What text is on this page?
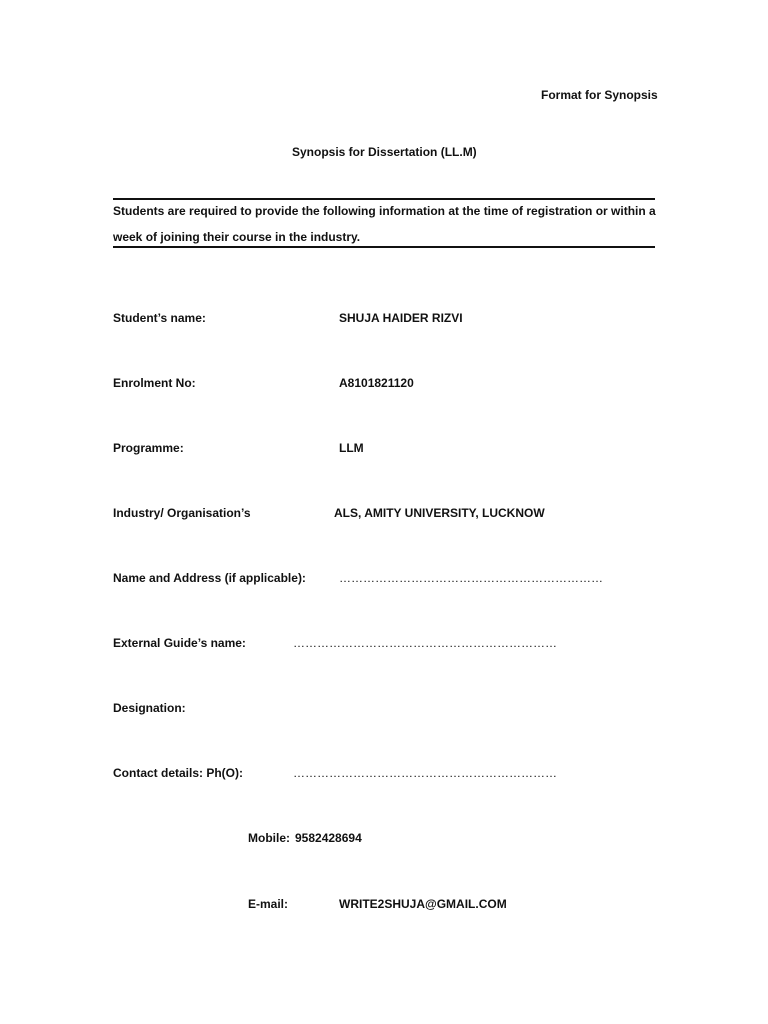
Format for Synopsis
Synopsis for Dissertation (LL.M)
Students are required to provide the following information at the time of registration or within a
week of joining their course in the industry.
Student’s name:	SHUJA HAIDER RIZVI
Enrolment No:	A8101821120
Programme:	LLM
Industry/ Organisation’s	ALS, AMITY UNIVERSITY, LUCKNOW
Name and Address (if applicable):	…………………………………………………………
External Guide’s name:	…………………………………………………………
Designation:
Contact details: Ph(O):	…………………………………………………………
Mobile: 9582428694
E-mail:	WRITE2SHUJA@GMAIL.COM
